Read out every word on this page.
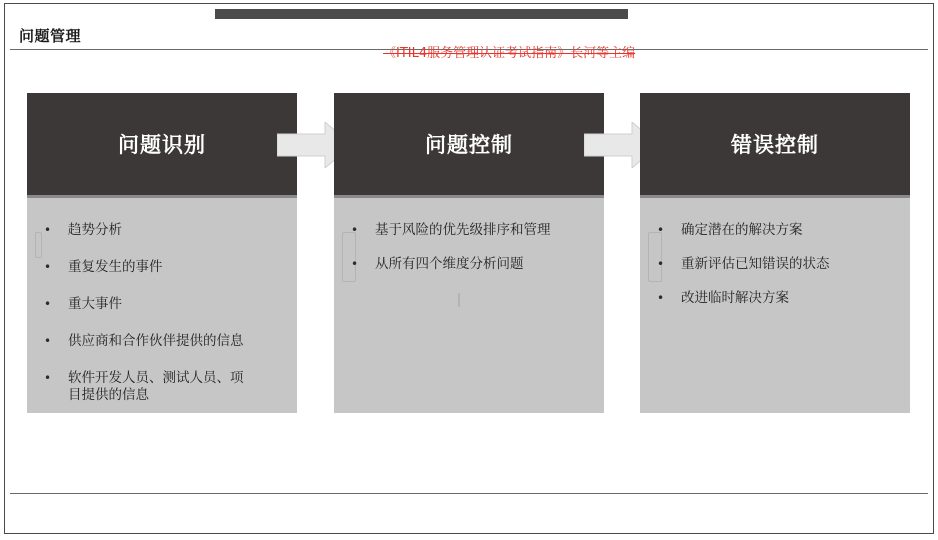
问题管理
《ITIL4服务管理认证考试指南》长河等主编
问题识别
• 趋势分析
• 重复发生的事件
• 重大事件
• 供应商和合作伙伴提供的信息
• 软件开发人员、测试人员、项目提供的信息
问题控制
• 基于风险的优先级排序和管理
• 从所有四个维度分析问题
错误控制
• 确定潜在的解决方案
• 重新评估已知错误的状态
• 改进临时解决方案
